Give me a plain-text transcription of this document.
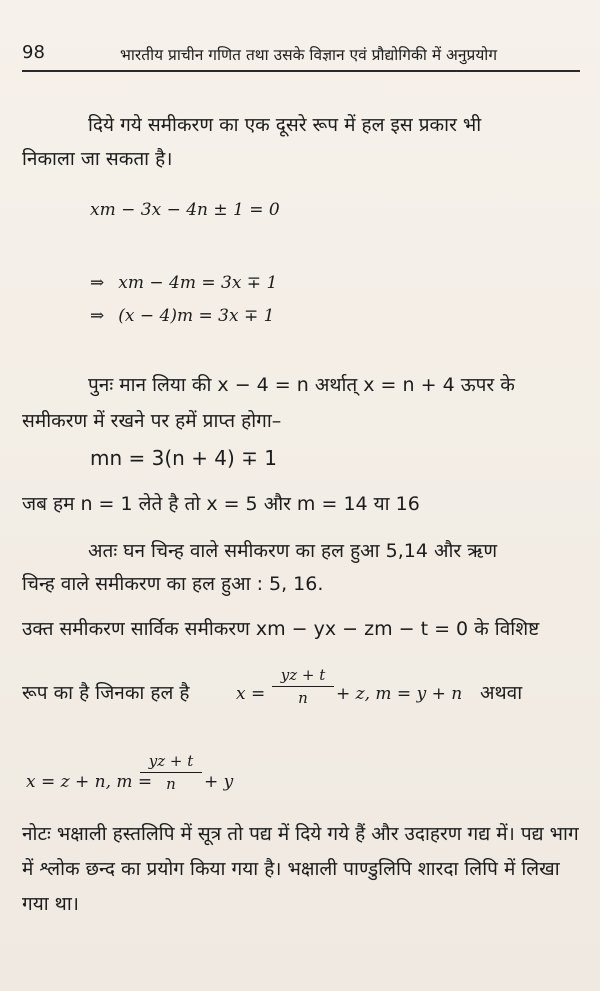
98	भारतीय प्राचीन गणित तथा उसके विज्ञान एवं प्रौद्योगिकी में अनुप्रयोग
दिये गये समीकरण का एक दूसरे रूप में हल इस प्रकार भी
निकाला जा सकता है।
xm − 3x − 4n ± 1 = 0
⇒ xm − 4m = 3x ∓ 1
⇒ (x − 4)m = 3x ∓ 1
पुनः मान लिया की x − 4 = n अर्थात् x = n + 4 ऊपर के
समीकरण में रखने पर हमें प्राप्त होगा–
mn = 3(n + 4) ∓ 1
जब हम n = 1 लेते है तो x = 5 और m = 14 या 16
अतः घन चिन्ह वाले समीकरण का हल हुआ 5,14 और ऋण
चिन्ह वाले समीकरण का हल हुआ : 5, 16.
उक्त समीकरण सार्विक समीकरण xm − yx − zm − t = 0 के विशिष्ट
रूप का है जिनका हल है	$x = \frac{yz + t}{n} + z$, m = y + n अथवा
x = z + n, m =
$\frac{yz + t}{n} + y$
नोटः भक्षाली हस्तलिपि में सूत्र तो पद्य में दिये गये हैं और उदाहरण गद्य में। पद्य भाग में श्लोक छन्द का प्रयोग किया गया है। भक्षाली पाण्डुलिपि शारदा लिपि में लिखा गया था।
